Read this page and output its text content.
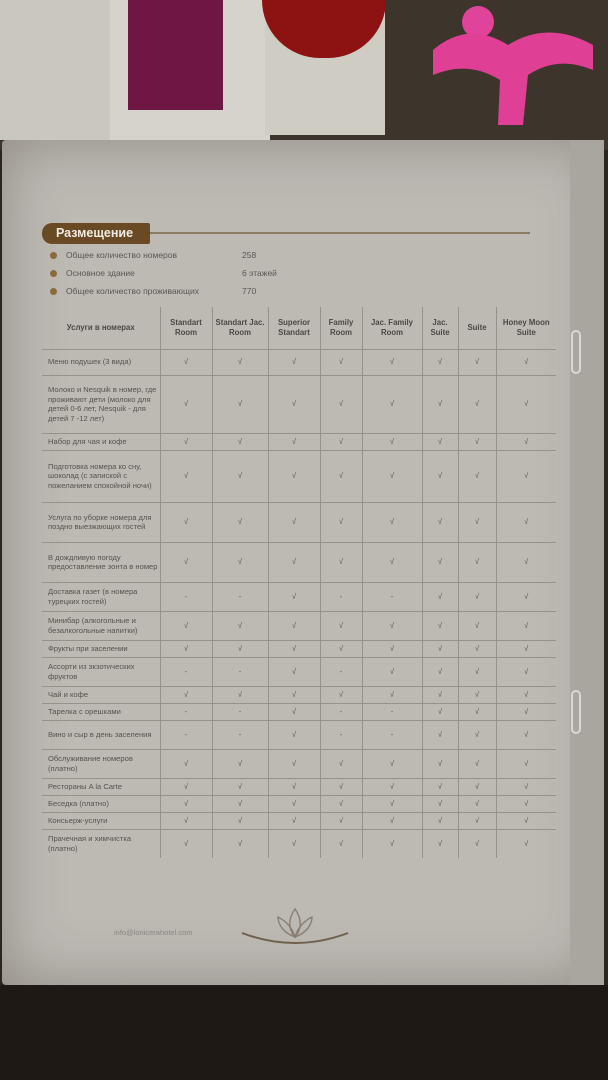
Размещение
Общее количество номеров	258
Основное здание	6 этажей
Общее количество проживающих	770
Услуги в номерах	Standart Room	Standart Jac. Room	Superior Standart	Family Room	Jac. Family Room	Jac. Suite	Suite	Honey Moon Suite
Меню подушек (3 вида)	√	√	√	√	√	√	√	√
Молоко и Nesquik в номер, где проживают дети (молоко для детей 0-6 лет, Nesquik - для детей 7 -12 лет)	√	√	√	√	√	√	√	√
Набор для чая и кофе	√	√	√	√	√	√	√	√
Подготовка номера ко сну, шоколад (с запиской с пожеланием спокойной ночи)	√	√	√	√	√	√	√	√
Услуга по уборке номера для поздно выезжающих гостей	√	√	√	√	√	√	√	√
В дождливую погоду предоставление зонта в номер	√	√	√	√	√	√	√	√
Доставка газет (в номера турецких гостей)	-	-	√	-	-	√	√	√
Минибар (алкогольные и безалкогольные напитки)	√	√	√	√	√	√	√	√
Фрукты при заселении	√	√	√	√	√	√	√	√
Ассорти из экзотических фруктов	-	-	√	-	√	√	√	√
Чай и кофе	√	√	√	√	√	√	√	√
Тарелка с орешками	-	-	√	-	-	√	√	√
Вино и сыр в день заселения	-	-	√	-	-	√	√	√
Обслуживание номеров (платно)	√	√	√	√	√	√	√	√
Рестораны A la Carte	√	√	√	√	√	√	√	√
Беседка (платно)	√	√	√	√	√	√	√	√
Консьерж-услуги	√	√	√	√	√	√	√	√
Прачечная и химчистка (платно)	√	√	√	√	√	√	√	√
info@lonicerahotel.com
